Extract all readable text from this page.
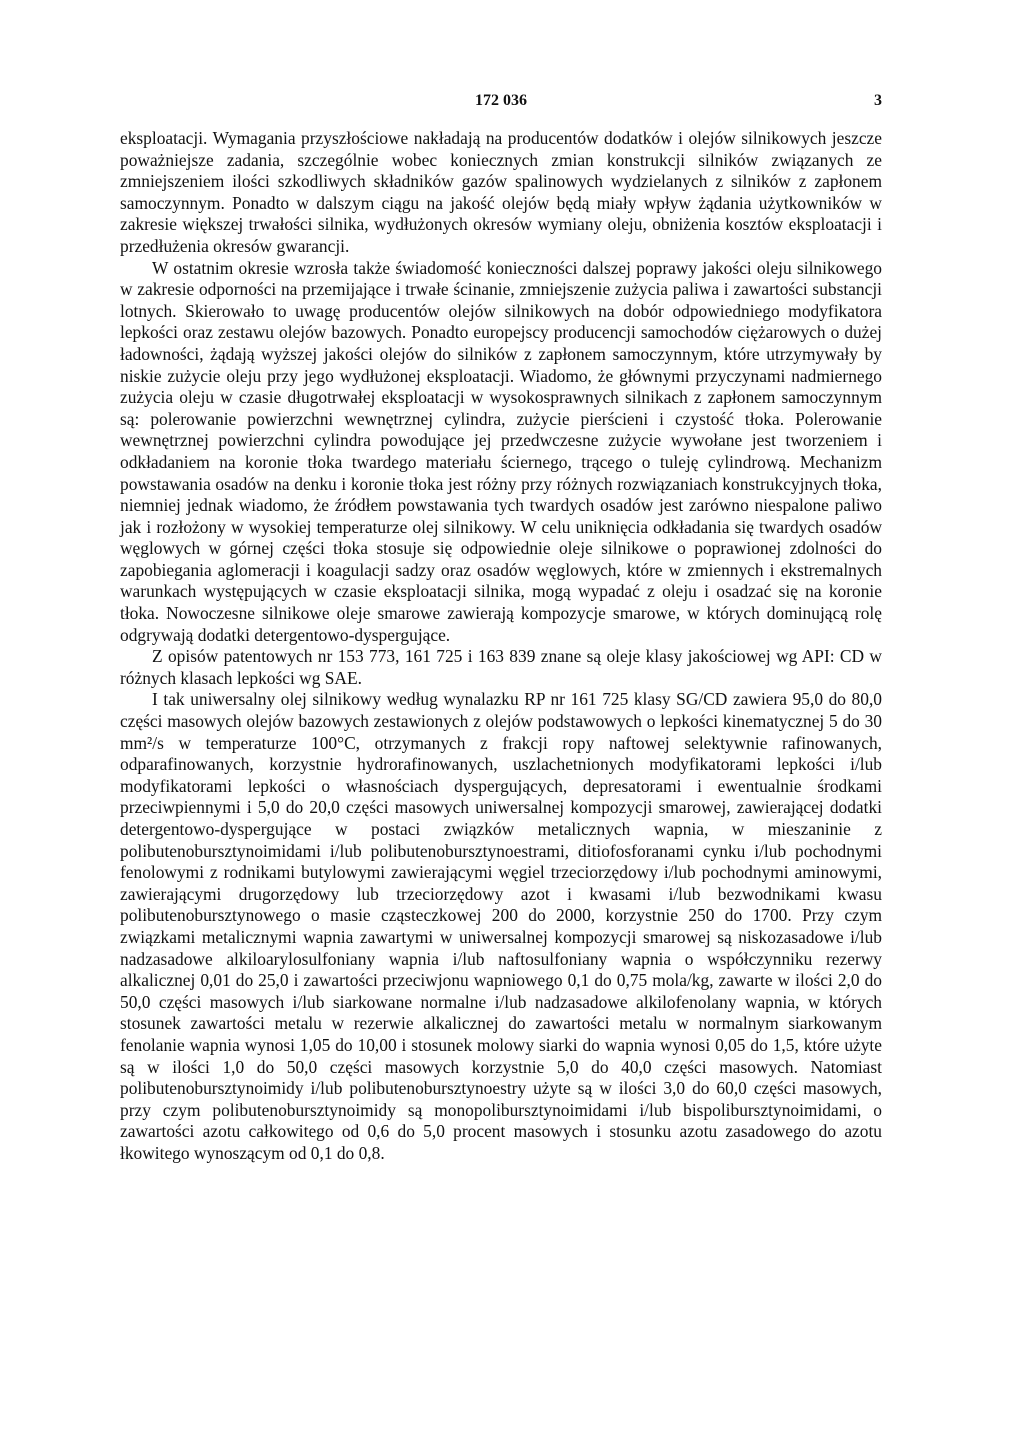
172 036	3

eksploatacji. Wymagania przyszłościowe nakładają na producentów dodatków i olejów silnikowych jeszcze poważniejsze zadania, szczególnie wobec koniecznych zmian konstrukcji silników związanych ze zmniejszeniem ilości szkodliwych składników gazów spalinowych wydzielanych z silników z zapłonem samoczynnym. Ponadto w dalszym ciągu na jakość olejów będą miały wpływ żądania użytkowników w zakresie większej trwałości silnika, wydłużonych okresów wymiany oleju, obniżenia kosztów eksploatacji i przedłużenia okresów gwarancji.

W ostatnim okresie wzrosła także świadomość konieczności dalszej poprawy jakości oleju silnikowego w zakresie odporności na przemijające i trwałe ścinanie, zmniejszenie zużycia paliwa i zawartości substancji lotnych. Skierowało to uwagę producentów olejów silnikowych na dobór odpowiedniego modyfikatora lepkości oraz zestawu olejów bazowych. Ponadto europejscy producencji samochodów ciężarowych o dużej ładowności, żądają wyższej jakości olejów do silników z zapłonem samoczynnym, które utrzymywały by niskie zużycie oleju przy jego wydłużonej eksploatacji. Wiadomo, że głównymi przyczynami nadmiernego zużycia oleju w czasie długotrwałej eksploatacji w wysokosprawnych silnikach z zapłonem samoczynnym są: polerowanie powierzchni wewnętrznej cylindra, zużycie pierścieni i czystość tłoka. Polerowanie wewnętrznej powierzchni cylindra powodujące jej przedwczesne zużycie wywołane jest tworzeniem i odkładaniem na koronie tłoka twardego materiału ściernego, trącego o tuleję cylindrową. Mechanizm powstawania osadów na denku i koronie tłoka jest różny przy różnych rozwiązaniach konstrukcyjnych tłoka, niemniej jednak wiadomo, że źródłem powstawania tych twardych osadów jest zarówno niespalone paliwo jak i rozłożony w wysokiej temperaturze olej silnikowy. W celu uniknięcia odkładania się twardych osadów węglowych w górnej części tłoka stosuje się odpowiednie oleje silnikowe o poprawionej zdolności do zapobiegania aglomeracji i koagulacji sadzy oraz osadów węglowych, które w zmiennych i ekstremalnych warunkach występujących w czasie eksploatacji silnika, mogą wypadać z oleju i osadzać się na koronie tłoka. Nowoczesne silnikowe oleje smarowe zawierają kompozycje smarowe, w których dominującą rolę odgrywają dodatki detergentowo-dyspergujące.

Z opisów patentowych nr 153 773, 161 725 i 163 839 znane są oleje klasy jakościowej wg API: CD w różnych klasach lepkości wg SAE.

I tak uniwersalny olej silnikowy według wynalazku RP nr 161 725 klasy SG/CD zawiera 95,0 do 80,0 części masowych olejów bazowych zestawionych z olejów podstawowych o lepkości kinematycznej 5 do 30 mm²/s w temperaturze 100°C, otrzymanych z frakcji ropy naftowej selektywnie rafinowanych, odparafinowanych, korzystnie hydrorafinowanych, uszlachetnionych modyfikatorami lepkości i/lub modyfikatorami lepkości o własnościach dyspergujących, depresatorami i ewentualnie środkami przeciwpiennymi i 5,0 do 20,0 części masowych uniwersalnej kompozycji smarowej, zawierającej dodatki detergentowo-dyspergujące w postaci związków metalicznych wapnia, w mieszaninie z polibutenobursztynoimidami i/lub polibutenobursztynoestrami, ditiofosforanami cynku i/lub pochodnymi fenolowymi z rodnikami butylowymi zawierającymi węgiel trzeciorzędowy i/lub pochodnymi aminowymi, zawierającymi drugorzędowy lub trzeciorzędowy azot i kwasami i/lub bezwodnikami kwasu polibutenobursztynowego o masie cząsteczkowej 200 do 2000, korzystnie 250 do 1700. Przy czym związkami metalicznymi wapnia zawartymi w uniwersalnej kompozycji smarowej są niskozasadowe i/lub nadzasadowe alkiloarylosulfoniany wapnia i/lub naftosulfoniany wapnia o współczynniku rezerwy alkalicznej 0,01 do 25,0 i zawartości przeciwjonu wapniowego 0,1 do 0,75 mola/kg, zawarte w ilości 2,0 do 50,0 części masowych i/lub siarkowane normalne i/lub nadzasadowe alkilofenolany wapnia, w których stosunek zawartości metalu w rezerwie alkalicznej do zawartości metalu w normalnym siarkowanym fenolanie wapnia wynosi 1,05 do 10,00 i stosunek molowy siarki do wapnia wynosi 0,05 do 1,5, które użyte są w ilości 1,0 do 50,0 części masowych korzystnie 5,0 do 40,0 części masowych. Natomiast polibutenobursztynoimidy i/lub polibutenobursztynoestry użyte są w ilości 3,0 do 60,0 części masowych, przy czym polibutenobursztynoimidy są monopolibursztynoimidami i/lub bispolibursztynoimidami, o zawartości azotu całkowitego od 0,6 do 5,0 procent masowych i stosunku azotu zasadowego do azotu łkowitego wynoszącym od 0,1 do 0,8.
